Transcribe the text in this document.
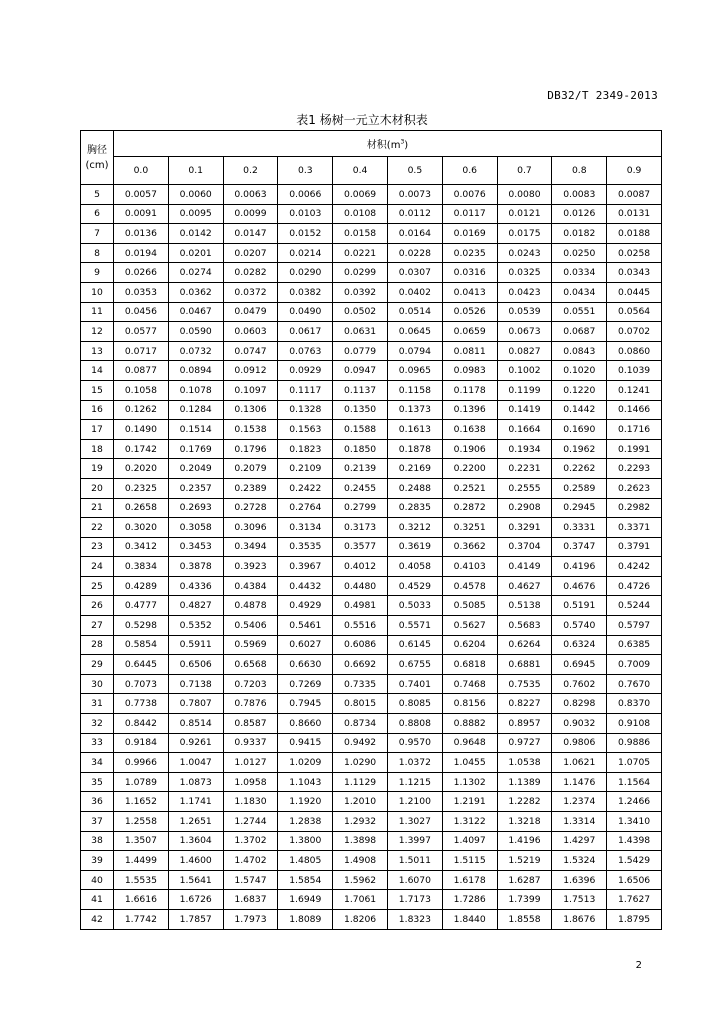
DB32/T 2349-2013
表1 杨树一元立木材积表
胸径
(cm)	材积$(m^3)$									
	0.0	0.1	0.2	0.3	0.4	0.5	0.6	0.7	0.8	0.9
5	0.0057	0.0060	0.0063	0.0066	0.0069	0.0073	0.0076	0.0080	0.0083	0.0087
6	0.0091	0.0095	0.0099	0.0103	0.0108	0.0112	0.0117	0.0121	0.0126	0.0131
7	0.0136	0.0142	0.0147	0.0152	0.0158	0.0164	0.0169	0.0175	0.0182	0.0188
8	0.0194	0.0201	0.0207	0.0214	0.0221	0.0228	0.0235	0.0243	0.0250	0.0258
9	0.0266	0.0274	0.0282	0.0290	0.0299	0.0307	0.0316	0.0325	0.0334	0.0343
10	0.0353	0.0362	0.0372	0.0382	0.0392	0.0402	0.0413	0.0423	0.0434	0.0445
11	0.0456	0.0467	0.0479	0.0490	0.0502	0.0514	0.0526	0.0539	0.0551	0.0564
12	0.0577	0.0590	0.0603	0.0617	0.0631	0.0645	0.0659	0.0673	0.0687	0.0702
13	0.0717	0.0732	0.0747	0.0763	0.0779	0.0794	0.0811	0.0827	0.0843	0.0860
14	0.0877	0.0894	0.0912	0.0929	0.0947	0.0965	0.0983	0.1002	0.1020	0.1039
15	0.1058	0.1078	0.1097	0.1117	0.1137	0.1158	0.1178	0.1199	0.1220	0.1241
16	0.1262	0.1284	0.1306	0.1328	0.1350	0.1373	0.1396	0.1419	0.1442	0.1466
17	0.1490	0.1514	0.1538	0.1563	0.1588	0.1613	0.1638	0.1664	0.1690	0.1716
18	0.1742	0.1769	0.1796	0.1823	0.1850	0.1878	0.1906	0.1934	0.1962	0.1991
19	0.2020	0.2049	0.2079	0.2109	0.2139	0.2169	0.2200	0.2231	0.2262	0.2293
20	0.2325	0.2357	0.2389	0.2422	0.2455	0.2488	0.2521	0.2555	0.2589	0.2623
21	0.2658	0.2693	0.2728	0.2764	0.2799	0.2835	0.2872	0.2908	0.2945	0.2982
22	0.3020	0.3058	0.3096	0.3134	0.3173	0.3212	0.3251	0.3291	0.3331	0.3371
23	0.3412	0.3453	0.3494	0.3535	0.3577	0.3619	0.3662	0.3704	0.3747	0.3791
24	0.3834	0.3878	0.3923	0.3967	0.4012	0.4058	0.4103	0.4149	0.4196	0.4242
25	0.4289	0.4336	0.4384	0.4432	0.4480	0.4529	0.4578	0.4627	0.4676	0.4726
26	0.4777	0.4827	0.4878	0.4929	0.4981	0.5033	0.5085	0.5138	0.5191	0.5244
27	0.5298	0.5352	0.5406	0.5461	0.5516	0.5571	0.5627	0.5683	0.5740	0.5797
28	0.5854	0.5911	0.5969	0.6027	0.6086	0.6145	0.6204	0.6264	0.6324	0.6385
29	0.6445	0.6506	0.6568	0.6630	0.6692	0.6755	0.6818	0.6881	0.6945	0.7009
30	0.7073	0.7138	0.7203	0.7269	0.7335	0.7401	0.7468	0.7535	0.7602	0.7670
31	0.7738	0.7807	0.7876	0.7945	0.8015	0.8085	0.8156	0.8227	0.8298	0.8370
32	0.8442	0.8514	0.8587	0.8660	0.8734	0.8808	0.8882	0.8957	0.9032	0.9108
33	0.9184	0.9261	0.9337	0.9415	0.9492	0.9570	0.9648	0.9727	0.9806	0.9886
34	0.9966	1.0047	1.0127	1.0209	1.0290	1.0372	1.0455	1.0538	1.0621	1.0705
35	1.0789	1.0873	1.0958	1.1043	1.1129	1.1215	1.1302	1.1389	1.1476	1.1564
36	1.1652	1.1741	1.1830	1.1920	1.2010	1.2100	1.2191	1.2282	1.2374	1.2466
37	1.2558	1.2651	1.2744	1.2838	1.2932	1.3027	1.3122	1.3218	1.3314	1.3410
38	1.3507	1.3604	1.3702	1.3800	1.3898	1.3997	1.4097	1.4196	1.4297	1.4398
39	1.4499	1.4600	1.4702	1.4805	1.4908	1.5011	1.5115	1.5219	1.5324	1.5429
40	1.5535	1.5641	1.5747	1.5854	1.5962	1.6070	1.6178	1.6287	1.6396	1.6506
41	1.6616	1.6726	1.6837	1.6949	1.7061	1.7173	1.7286	1.7399	1.7513	1.7627
42	1.7742	1.7857	1.7973	1.8089	1.8206	1.8323	1.8440	1.8558	1.8676	1.8795
2
